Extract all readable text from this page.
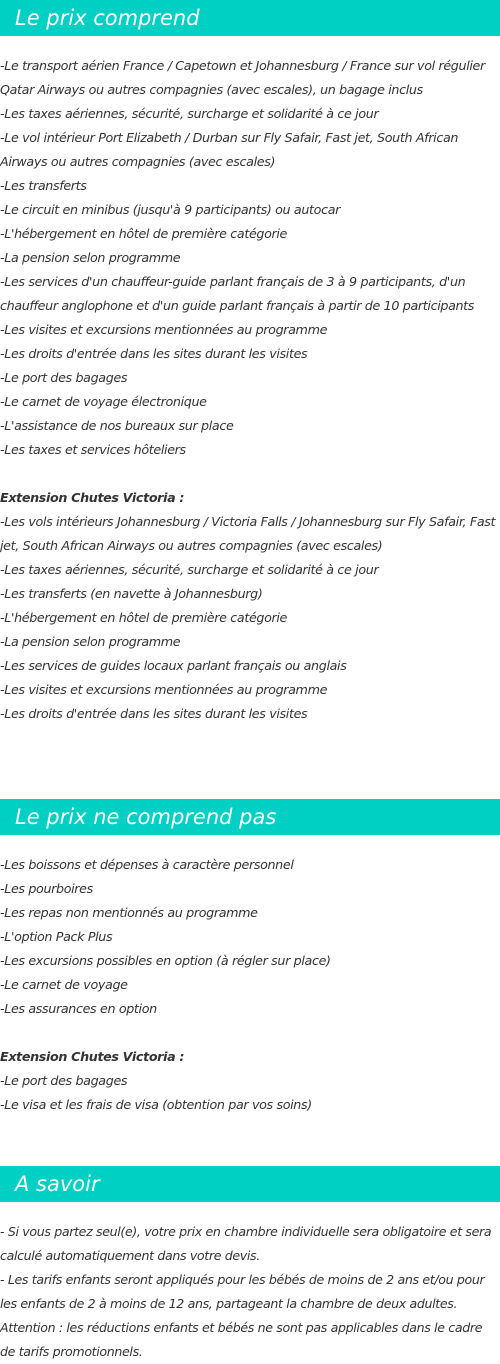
Le prix comprend
-Le transport aérien France / Capetown et Johannesburg / France sur vol régulier Qatar Airways ou autres compagnies (avec escales), un bagage inclus
-Les taxes aériennes, sécurité, surcharge et solidarité à ce jour
-Le vol intérieur Port Elizabeth / Durban sur Fly Safair, Fast jet, South African Airways ou autres compagnies (avec escales)
-Les transferts
-Le circuit en minibus (jusqu'à 9 participants) ou autocar
-L'hébergement en hôtel de première catégorie
-La pension selon programme
-Les services d'un chauffeur-guide parlant français de 3 à 9 participants, d'un chauffeur anglophone et d'un guide parlant français à partir de 10 participants
-Les visites et excursions mentionnées au programme
-Les droits d'entrée dans les sites durant les visites
-Le port des bagages
-Le carnet de voyage électronique
-L'assistance de nos bureaux sur place
-Les taxes et services hôteliers
Extension Chutes Victoria :
-Les vols intérieurs Johannesburg / Victoria Falls / Johannesburg sur Fly Safair, Fast jet, South African Airways ou autres compagnies (avec escales)
-Les taxes aériennes, sécurité, surcharge et solidarité à ce jour
-Les transferts (en navette à Johannesburg)
-L'hébergement en hôtel de première catégorie
-La pension selon programme
-Les services de guides locaux parlant français ou anglais
-Les visites et excursions mentionnées au programme
-Les droits d'entrée dans les sites durant les visites
Le prix ne comprend pas
-Les boissons et dépenses à caractère personnel
-Les pourboires
-Les repas non mentionnés au programme
-L'option Pack Plus
-Les excursions possibles en option (à régler sur place)
-Le carnet de voyage
-Les assurances en option
Extension Chutes Victoria :
-Le port des bagages
-Le visa et les frais de visa (obtention par vos soins)
A savoir
- Si vous partez seul(e), votre prix en chambre individuelle sera obligatoire et sera calculé automatiquement dans votre devis.
- Les tarifs enfants seront appliqués pour les bébés de moins de 2 ans et/ou pour les enfants de 2 à moins de 12 ans, partageant la chambre de deux adultes.
Attention : les réductions enfants et bébés ne sont pas applicables dans le cadre de tarifs promotionnels.
